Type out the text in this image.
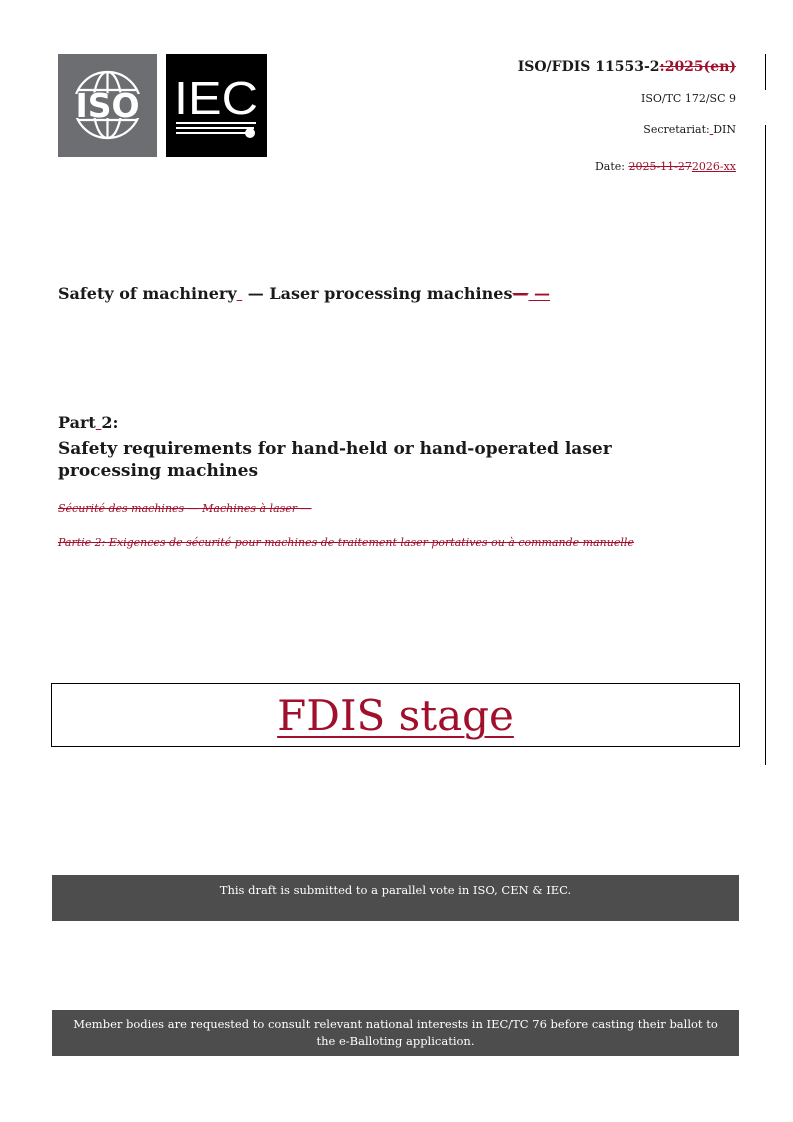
ISO IEC
ISO/FDIS 11553-2:2025(en)
ISO/TC 172/SC 9
Secretariat: DIN
Date: 2025-11-272026-xx
Safety of machinery  — Laser processing machines— —
Part 2:
Safety requirements for hand-held or hand-operated laser processing machines
Sécurité des machines — Machines à laser —
Partie 2: Exigences de sécurité pour machines de traitement laser portatives ou à commande manuelle
FDIS stage
This draft is submitted to a parallel vote in ISO, CEN & IEC.
Member bodies are requested to consult relevant national interests in IEC/TC 76 before casting their ballot to the e-Balloting application.
